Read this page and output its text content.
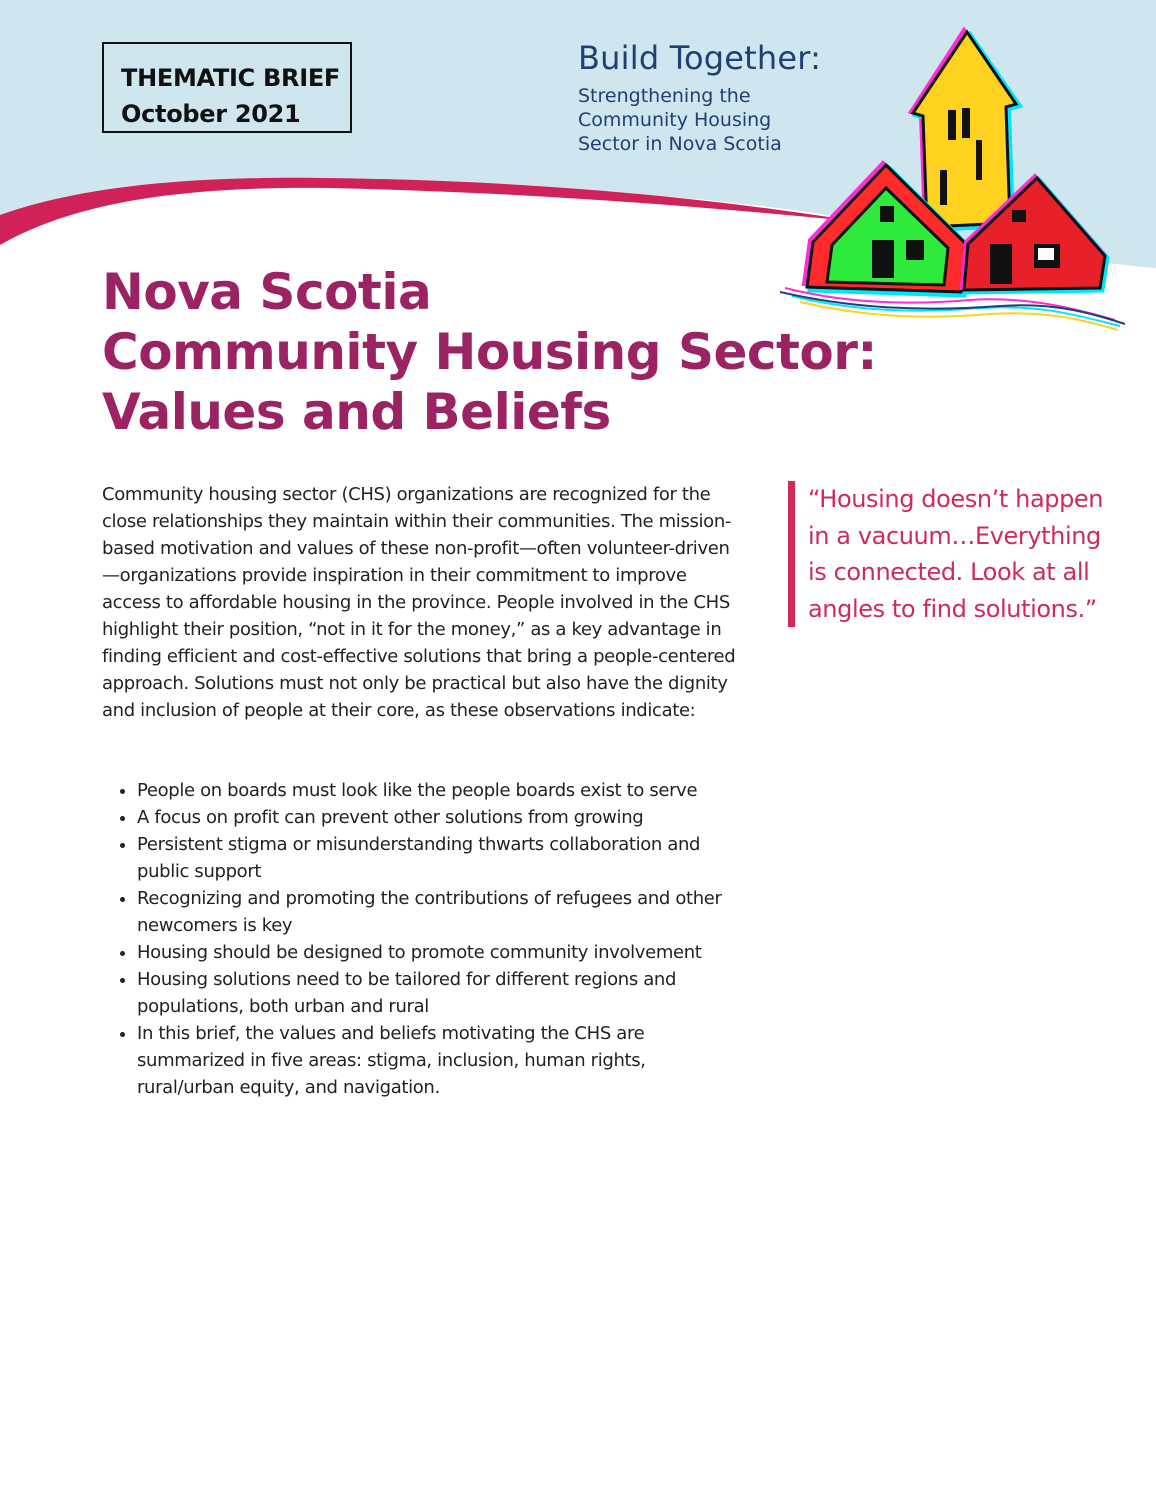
THEMATIC BRIEF
October 2021
Build Together:
Strengthening the Community Housing Sector in Nova Scotia
Nova Scotia
Community Housing Sector:
Values and Beliefs

Community housing sector (CHS) organizations are recognized for the close relationships they maintain within their communities. The mission-based motivation and values of these non-profit—often volunteer-driven—organizations provide inspiration in their commitment to improve access to affordable housing in the province. People involved in the CHS highlight their position, “not in it for the money,” as a key advantage in finding efficient and cost-effective solutions that bring a people-centered approach. Solutions must not only be practical but also have the dignity and inclusion of people at their core, as these observations indicate:

• People on boards must look like the people boards exist to serve
• A focus on profit can prevent other solutions from growing
• Persistent stigma or misunderstanding thwarts collaboration and public support
• Recognizing and promoting the contributions of refugees and other newcomers is key
• Housing should be designed to promote community involvement
• Housing solutions need to be tailored for different regions and populations, both urban and rural
• In this brief, the values and beliefs motivating the CHS are summarized in five areas: stigma, inclusion, human rights, rural/urban equity, and navigation.
“Housing doesn’t happen in a vacuum…Everything is connected. Look at all angles to find solutions.”
